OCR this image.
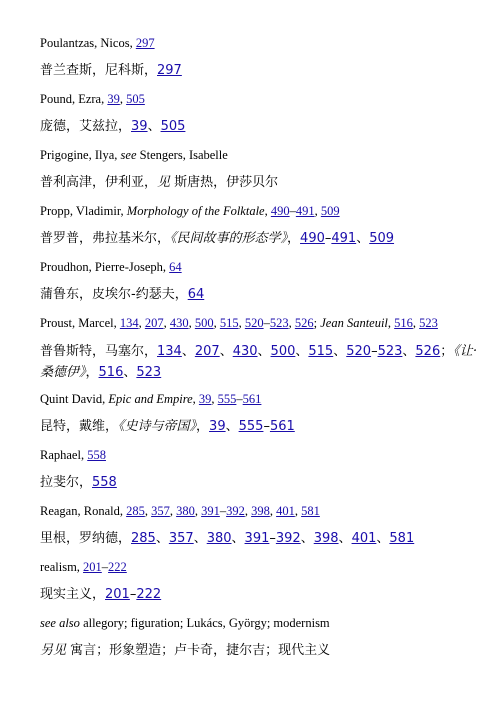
Poulantzas, Nicos, 297
普兰查斯，尼科斯，297
Pound, Ezra, 39, 505
庞德，艾兹拉，39、505
Prigogine, Ilya, see Stengers, Isabelle
普利高津，伊利亚，见 斯唐热，伊莎贝尔
Propp, Vladimir, Morphology of the Folktale, 490–491, 509
普罗普，弗拉基米尔，《民间故事的形态学》，490–491、509
Proudhon, Pierre-Joseph, 64
蒲鲁东，皮埃尔-约瑟夫，64
Proust, Marcel, 134, 207, 430, 500, 515, 520–523, 526; Jean Santeuil, 516, 523
普鲁斯特，马塞尔，134、207、430、500、515、520–523、526；《让·桑德伊》，516、523
Quint David, Epic and Empire, 39, 555–561
昆特，戴维，《史诗与帝国》，39、555–561
Raphael, 558
拉斐尔，558
Reagan, Ronald, 285, 357, 380, 391–392, 398, 401, 581
里根，罗纳德，285、357、380、391–392、398、401、581
realism, 201–222
现实主义，201–222
see also allegory; figuration; Lukács, György; modernism
另见 寓言；形象塑造；卢卡奇，捷尔吉；现代主义
